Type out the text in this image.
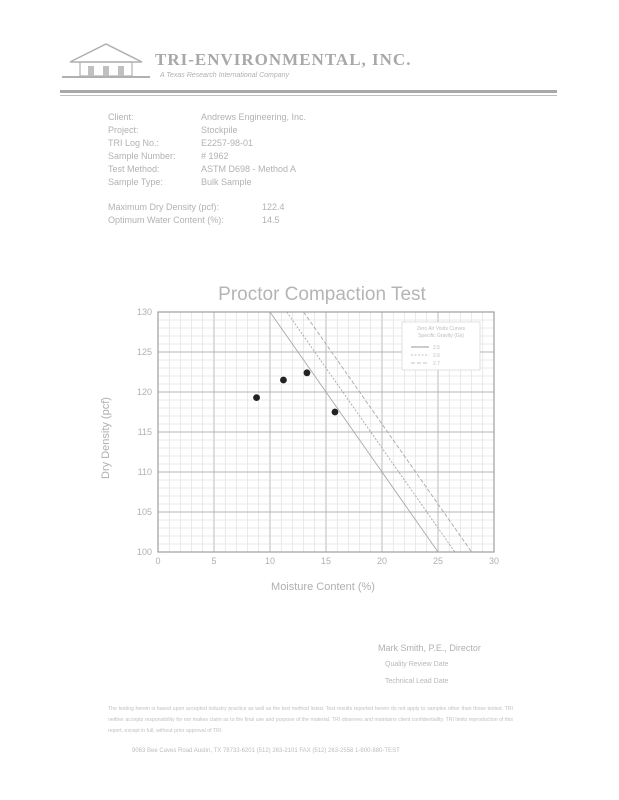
TRI-ENVIRONMENTAL, INC.
A Texas Research International Company
Client:	Andrews Engineering, Inc.
Project:	Stockpile
TRI Log No.:	E2257-98-01
Sample Number:	# 1962
Test Method:	ASTM D698 - Method A
Sample Type:	Bulk Sample
Maximum Dry Density (pcf):	122.4
Optimum Water Content (%):	14.5
Proctor Compaction Test
0	5	10	15	20	25	30
100
105
110
115
120
125
130
Zero Air Voids Curves
Specific Gravity (Gs)
2.5
2.6
2.7
Moisture Content (%)
Dry Density (pcf)
Mark Smith, P.E., Director
Quality Review Date
Technical Lead Date
The testing herein is based upon accepted industry practice as well as the test method listed. Test results reported herein do not apply to samples other than those tested. TRI neither accepts responsibility for nor makes claim as to the final use and purpose of the material. TRI observes and maintains client confidentiality. TRI limits reproduction of this report, except in full, without prior approval of TRI.
9063 Bee Caves Road Austin, TX 78733-6201 (512) 263-2101 FAX (512) 263-2558 1-800-880-TEST
